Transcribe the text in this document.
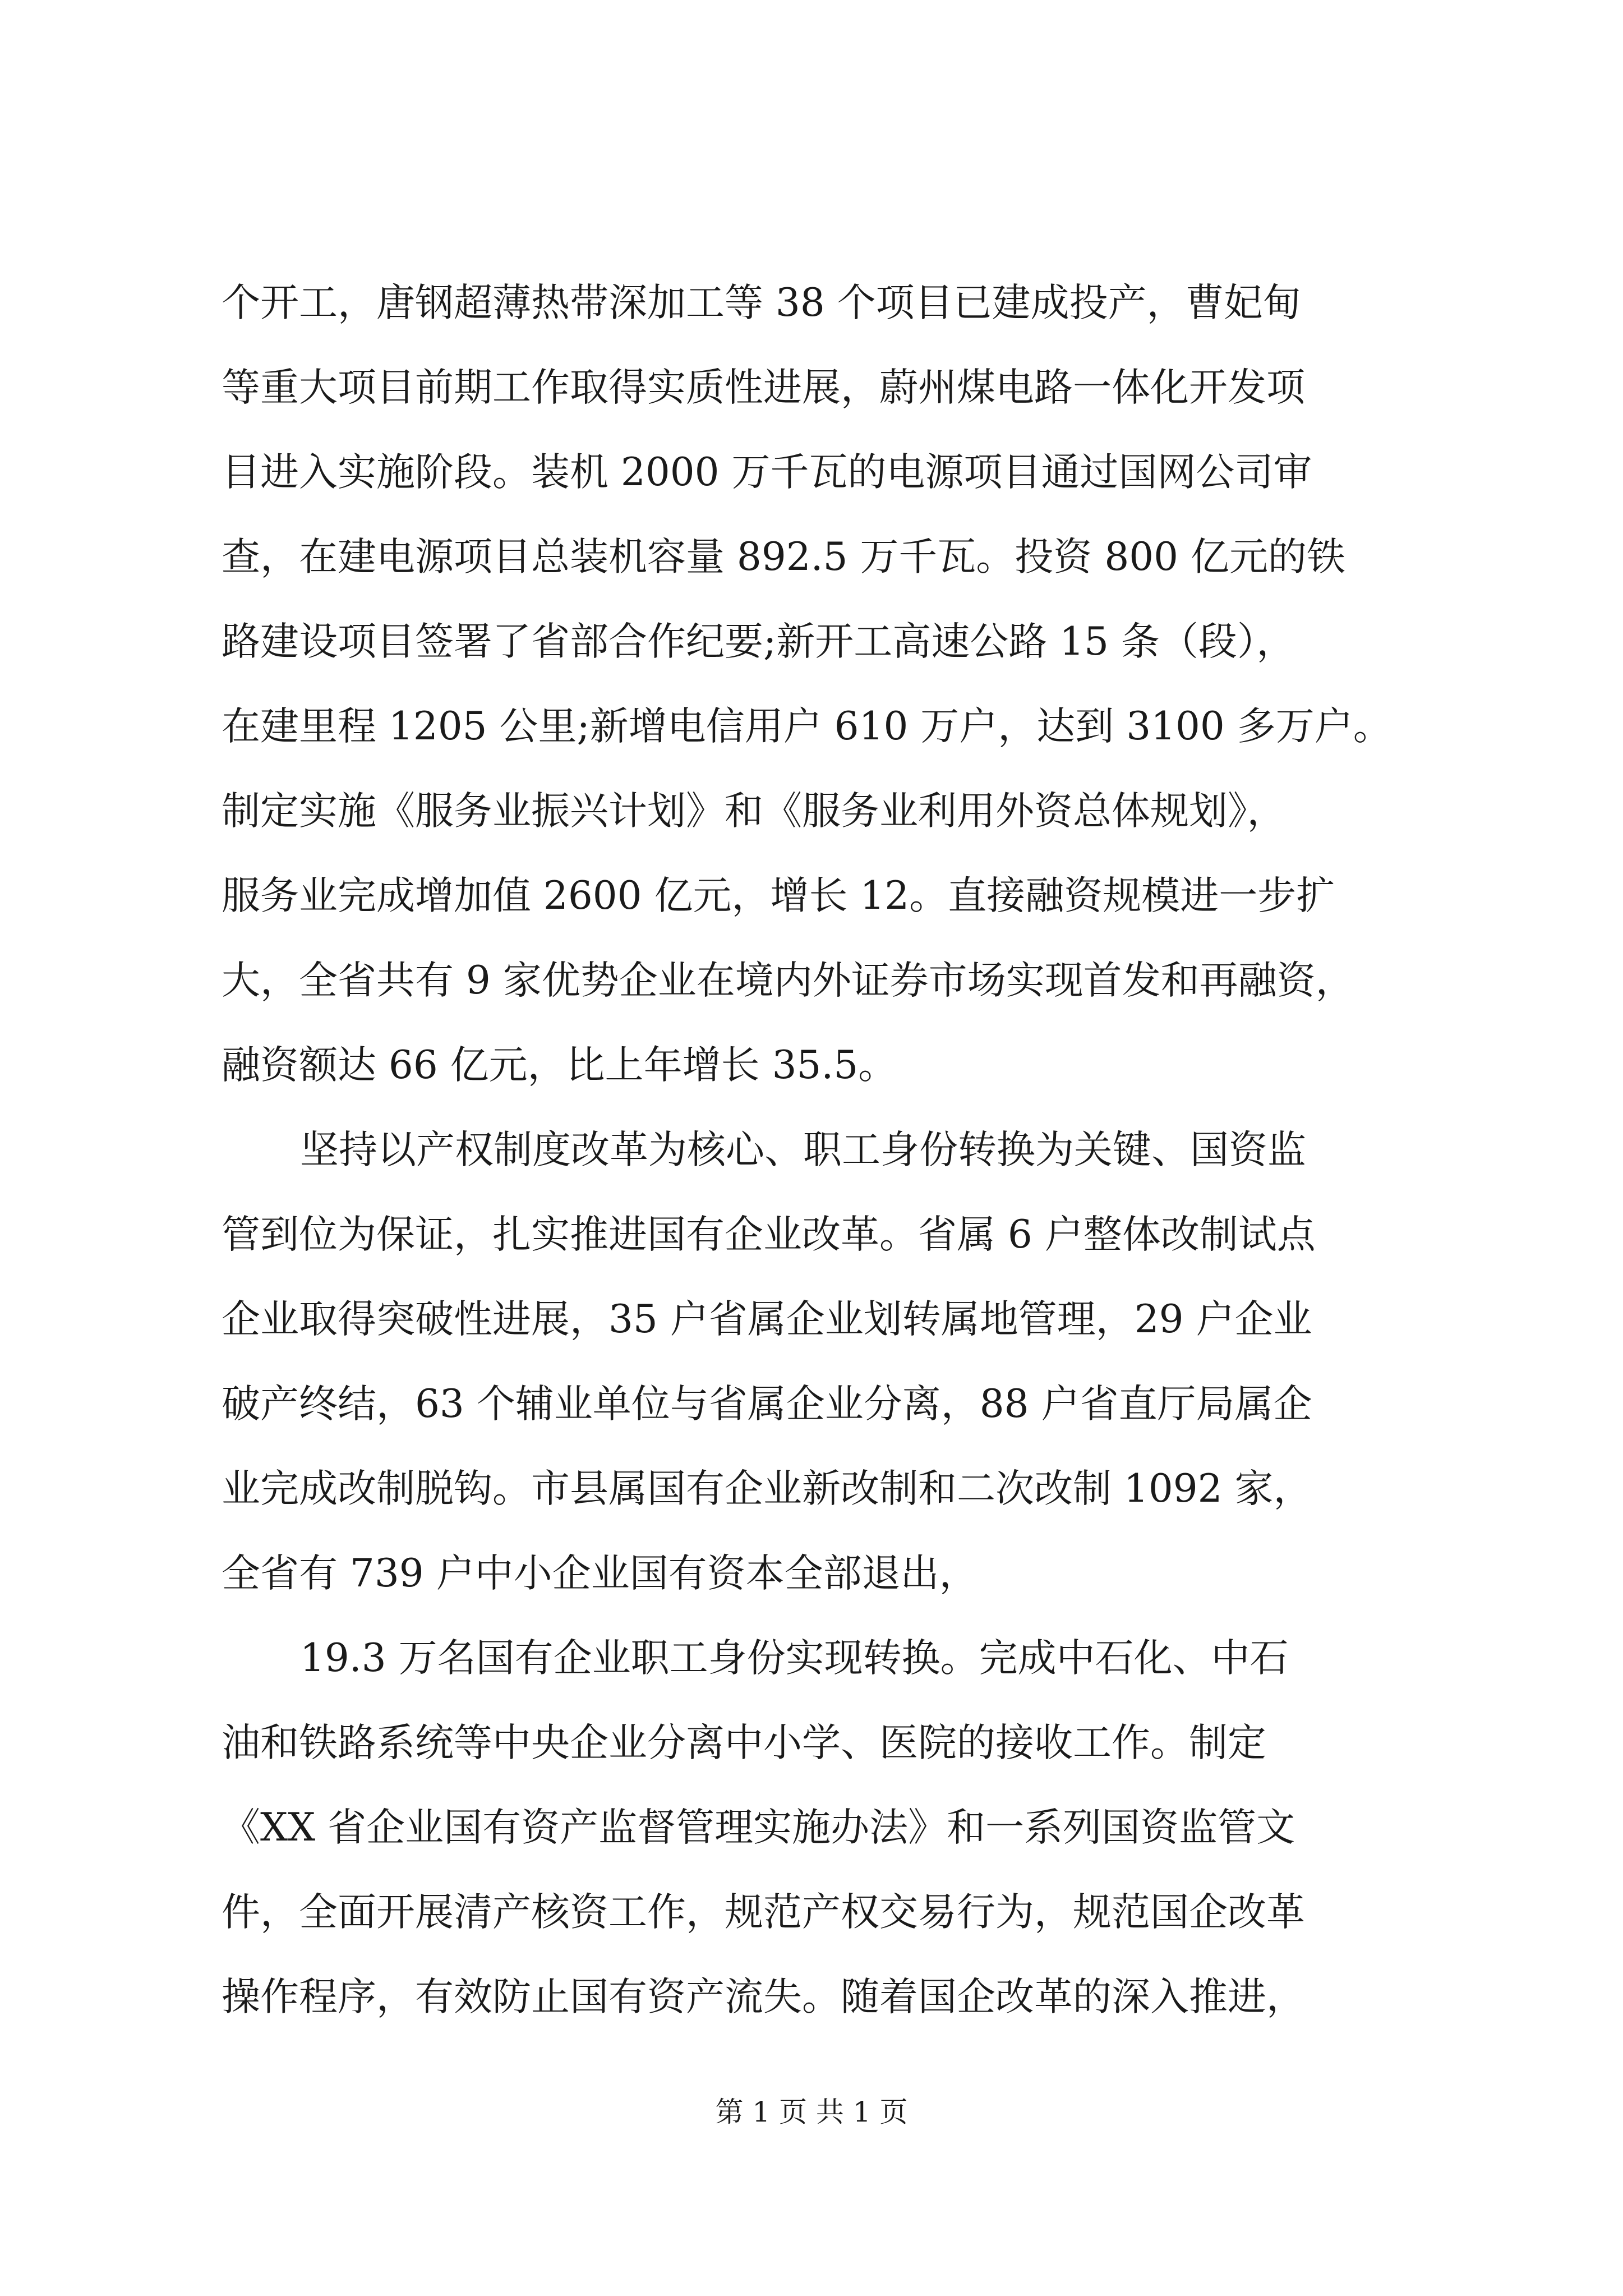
个开工，唐钢超薄热带深加工等 38 个项目已建成投产，曹妃甸
等重大项目前期工作取得实质性进展，蔚州煤电路一体化开发项
目进入实施阶段。装机 2000 万千瓦的电源项目通过国网公司审
查，在建电源项目总装机容量 892.5 万千瓦。投资 800 亿元的铁
路建设项目签署了省部合作纪要;新开工高速公路 15 条（段），
在建里程 1205 公里;新增电信用户 610 万户，达到 3100 多万户。
制定实施《服务业振兴计划》和《服务业利用外资总体规划》，
服务业完成增加值 2600 亿元，增长 12。直接融资规模进一步扩
大，全省共有 9 家优势企业在境内外证券市场实现首发和再融资，
融资额达 66 亿元，比上年增长 35.5。
坚持以产权制度改革为核心、职工身份转换为关键、国资监
管到位为保证，扎实推进国有企业改革。省属 6 户整体改制试点
企业取得突破性进展，35 户省属企业划转属地管理，29 户企业
破产终结，63 个辅业单位与省属企业分离，88 户省直厅局属企
业完成改制脱钩。市县属国有企业新改制和二次改制 1092 家，
全省有 739 户中小企业国有资本全部退出，
19.3 万名国有企业职工身份实现转换。完成中石化、中石
油和铁路系统等中央企业分离中小学、医院的接收工作。制定
《XX 省企业国有资产监督管理实施办法》和一系列国资监管文
件，全面开展清产核资工作，规范产权交易行为，规范国企改革
操作程序，有效防止国有资产流失。随着国企改革的深入推进，
第 1 页 共 1 页
